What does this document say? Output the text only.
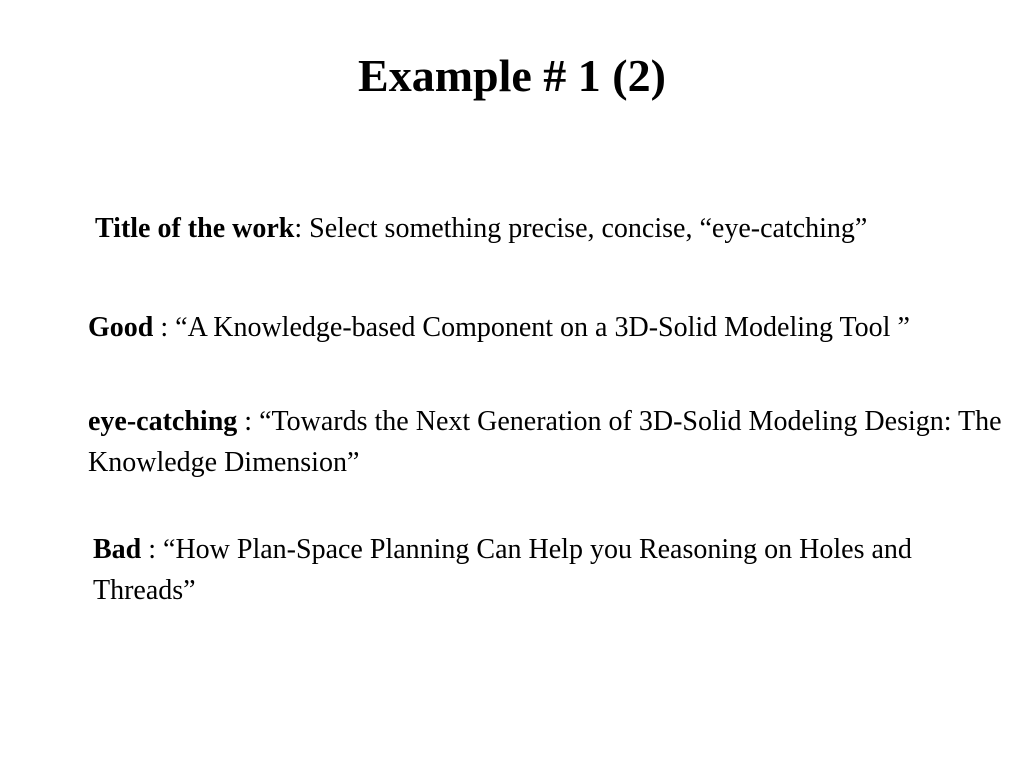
Example # 1 (2)

Title of the work: Select something precise, concise, “eye-catching”

Good : “A Knowledge-based Component on a 3D-Solid Modeling Tool ”

eye-catching : “Towards the Next Generation of 3D-Solid Modeling Design: The Knowledge Dimension”

Bad : “How Plan-Space Planning Can Help you Reasoning on Holes and Threads”
